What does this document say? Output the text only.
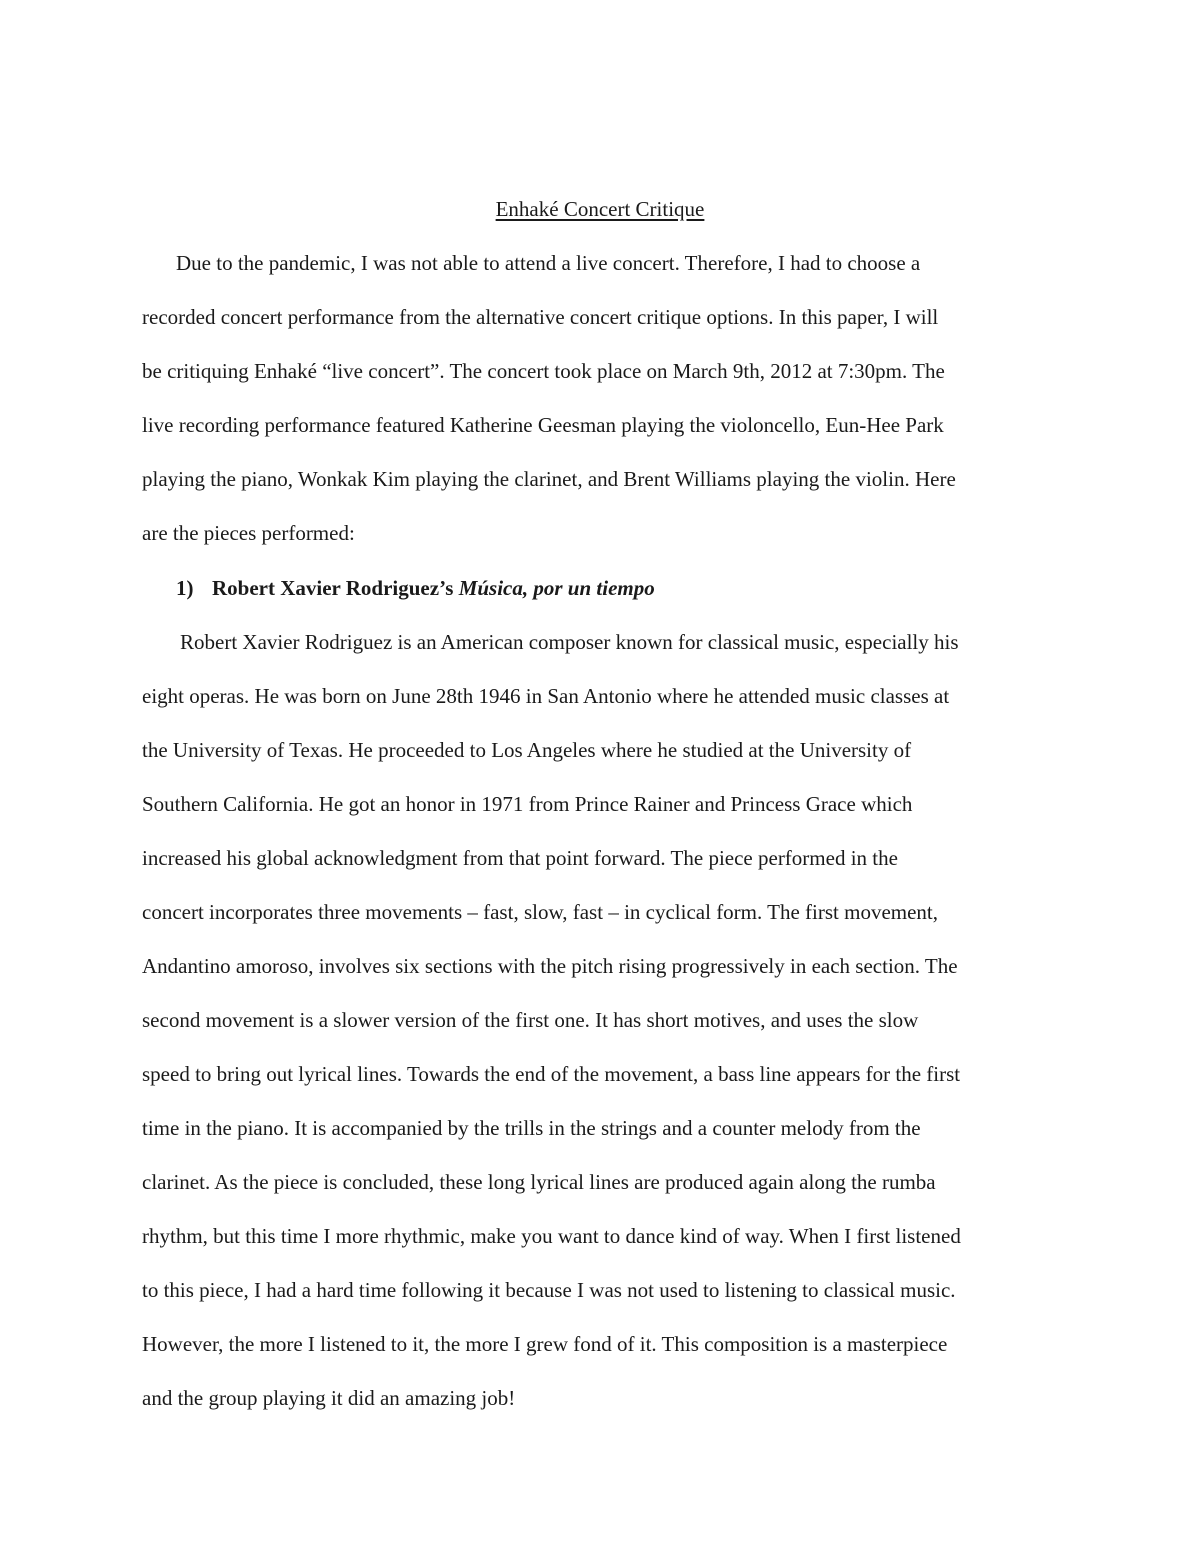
Enhaké Concert Critique

Due to the pandemic, I was not able to attend a live concert. Therefore, I had to choose a

recorded concert performance from the alternative concert critique options. In this paper, I will

be critiquing Enhaké “live concert”. The concert took place on March 9th, 2012 at 7:30pm. The

live recording performance featured Katherine Geesman playing the violoncello, Eun-Hee Park

playing the piano, Wonkak Kim playing the clarinet, and Brent Williams playing the violin. Here

are the pieces performed:

1) Robert Xavier Rodriguez’s Música, por un tiempo

Robert Xavier Rodriguez is an American composer known for classical music, especially his

eight operas. He was born on June 28th 1946 in San Antonio where he attended music classes at

the University of Texas. He proceeded to Los Angeles where he studied at the University of

Southern California. He got an honor in 1971 from Prince Rainer and Princess Grace which

increased his global acknowledgment from that point forward. The piece performed in the

concert incorporates three movements – fast, slow, fast – in cyclical form. The first movement,

Andantino amoroso, involves six sections with the pitch rising progressively in each section. The

second movement is a slower version of the first one. It has short motives, and uses the slow

speed to bring out lyrical lines. Towards the end of the movement, a bass line appears for the first

time in the piano. It is accompanied by the trills in the strings and a counter melody from the

clarinet. As the piece is concluded, these long lyrical lines are produced again along the rumba

rhythm, but this time I more rhythmic, make you want to dance kind of way. When I first listened

to this piece, I had a hard time following it because I was not used to listening to classical music.

However, the more I listened to it, the more I grew fond of it. This composition is a masterpiece

and the group playing it did an amazing job!
